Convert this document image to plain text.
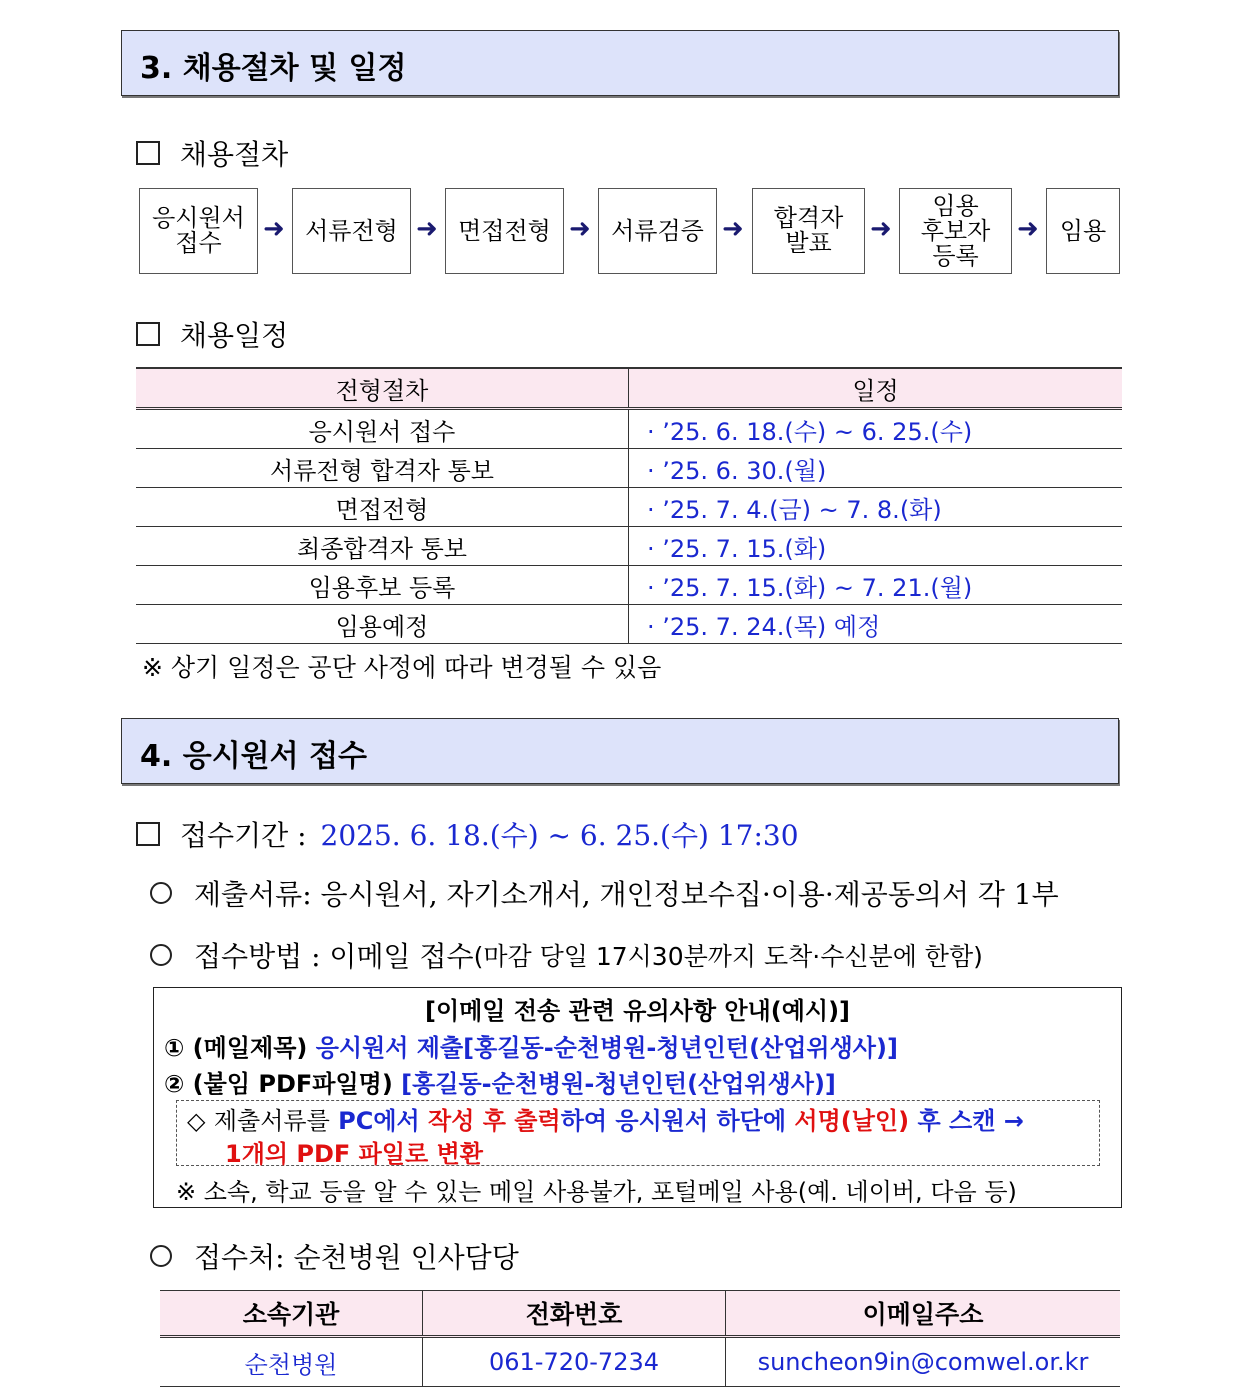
3. 채용절차 및 일정
채용절차
응시원서
접수	➜ 서류전형 ➜ 면접전형 ➜ 서류검증 ➜ 합격자
발표	➜
임용
후보자
등록
➜ 임용
채용일정
전형절차	일정
응시원서 접수	· ’25. 6. 18.(수) ~ 6. 25.(수)
서류전형 합격자 통보	· ’25. 6. 30.(월)
면접전형	· ’25. 7. 4.(금) ~ 7. 8.(화)
최종합격자 통보	· ’25. 7. 15.(화)
임용후보 등록	· ’25. 7. 15.(화) ~ 7. 21.(월)
임용예정	· ’25. 7. 24.(목) 예정
※ 상기 일정은 공단 사정에 따라 변경될 수 있음
4. 응시원서 접수
접수기간 : 2025. 6. 18.(수) ~ 6. 25.(수) 17:30
제출서류: 응시원서, 자기소개서, 개인정보수집·이용·제공동의서 각 1부
접수방법 : 이메일 접수 (마감 당일 17시30분까지 도착·수신분에 한함)
[이메일 전송 관련 유의사항 안내(예시)]
① (메일제목) 응시원서 제출[홍길동-순천병원-청년인턴(산업위생사)]
② (붙임 PDF파일명) [홍길동-순천병원-청년인턴(산업위생사)]
◇ 제출서류를 PC에서 작성 후 출력하여 응시원서 하단에 서명(날인) 후 스캔 →
1개의 PDF 파일로 변환
※ 소속, 학교 등을 알 수 있는 메일 사용불가, 포털메일 사용(예. 네이버, 다음 등)
접수처: 순천병원 인사담당
소속기관	전화번호	이메일주소
순천병원	061-720-7234	suncheon9in@comwel.or.kr
